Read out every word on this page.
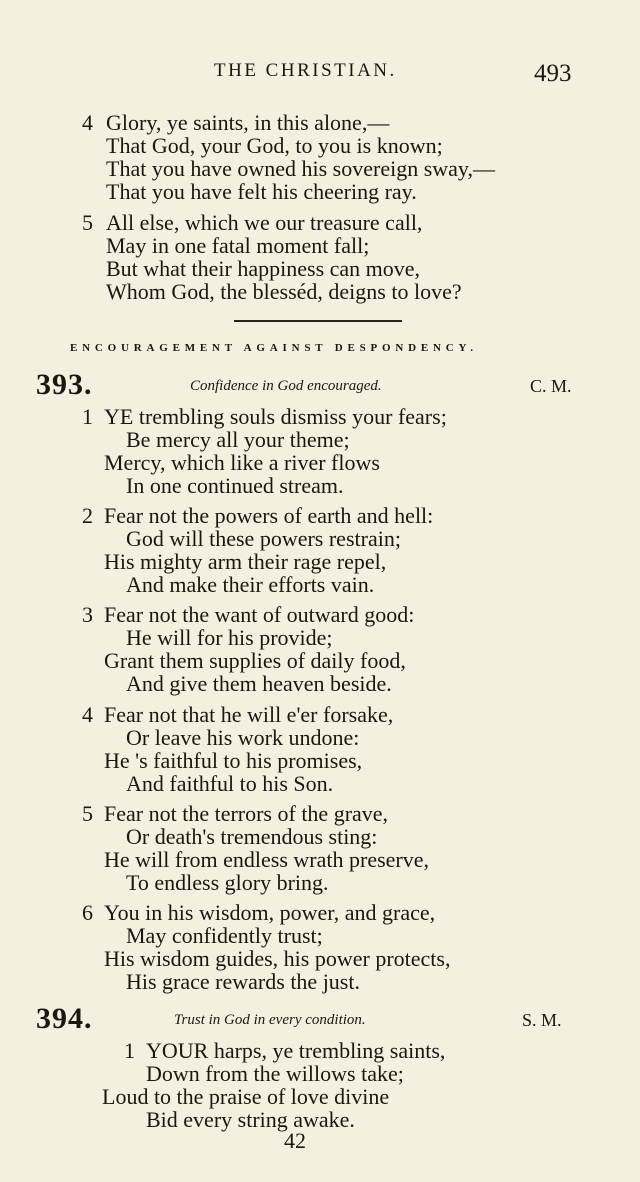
THE CHRISTIAN.	493
4 Glory, ye saints, in this alone,—
That God, your God, to you is known;
That you have owned his sovereign sway,—
That you have felt his cheering ray.
5 All else, which we our treasure call,
May in one fatal moment fall;
But what their happiness can move,
Whom God, the blesséd, deigns to love?
ENCOURAGEMENT AGAINST DESPONDENCY.
393.	Confidence in God encouraged.	C. M.
1 YE trembling souls dismiss your fears;
Be mercy all your theme;
Mercy, which like a river flows
In one continued stream.
2 Fear not the powers of earth and hell:
God will these powers restrain;
His mighty arm their rage repel,
And make their efforts vain.
3 Fear not the want of outward good:
He will for his provide;
Grant them supplies of daily food,
And give them heaven beside.
4 Fear not that he will e'er forsake,
Or leave his work undone:
He 's faithful to his promises,
And faithful to his Son.
5 Fear not the terrors of the grave,
Or death's tremendous sting:
He will from endless wrath preserve,
To endless glory bring.
6 You in his wisdom, power, and grace,
May confidently trust;
His wisdom guides, his power protects,
His grace rewards the just.
394.	Trust in God in every condition.	S. M.
1 YOUR harps, ye trembling saints,
Down from the willows take;
Loud to the praise of love divine
Bid every string awake.
42
